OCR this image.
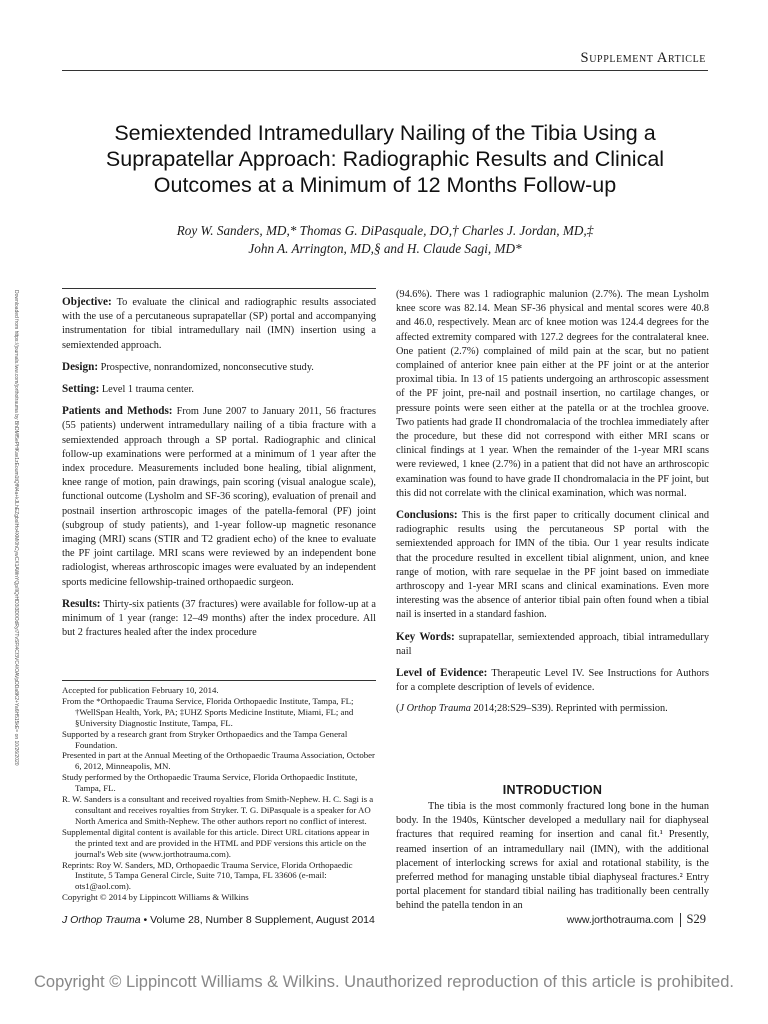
Supplement Article
Semiextended Intramedullary Nailing of the Tibia Using a Suprapatellar Approach: Radiographic Results and Clinical Outcomes at a Minimum of 12 Months Follow-up
Roy W. Sanders, MD,* Thomas G. DiPasquale, DO,† Charles J. Jordan, MD,‡
John A. Arrington, MD,§ and H. Claude Sagi, MD*
Downloaded from https://journals.lww.com/jorthotrauma by BhDMf5ePHKav1zEoum1tQfN4a+kJLhEZgbsIHo4XMi0hCywCX1AWnYQp/IlQrHD3i3D0OdRyi7TvSFl4Cf3VC4/OAVpDDa8K2+Ya6H515kE= on 10/26/2020	Objective: To evaluate the clinical and radiographic results associated with the use of a percutaneous suprapatellar (SP) portal and accompanying instrumentation for tibial intramedullary nail (IMN) insertion using a semiextended approach.

Design: Prospective, nonrandomized, nonconsecutive study.

Setting: Level 1 trauma center.

Patients and Methods: From June 2007 to January 2011, 56 fractures (55 patients) underwent intramedullary nailing of a tibia fracture with a semiextended approach through a SP portal. Radiographic and clinical follow-up examinations were performed at a minimum of 1 year after the index procedure. Measurements included bone healing, tibial alignment, knee range of motion, pain drawings, pain scoring (visual analogue scale), functional outcome (Lysholm and SF-36 scoring), evaluation of prenail and postnail insertion arthroscopic images of the patella-femoral (PF) joint (subgroup of study patients), and 1-year follow-up magnetic resonance imaging (MRI) scans (STIR and T2 gradient echo) of the knee to evaluate the PF joint cartilage. MRI scans were reviewed by an independent bone radiologist, whereas arthroscopic images were evaluated by an independent sports medicine fellowship-trained orthopaedic surgeon.

Results: Thirty-six patients (37 fractures) were available for follow-up at a minimum of 1 year (range: 12–49 months) after the index procedure. All but 2 fractures healed after the index procedure

Accepted for publication February 10, 2014.
From the *Orthopaedic Trauma Service, Florida Orthopaedic Institute, Tampa, FL; †WellSpan Health, York, PA; ‡UHZ Sports Medicine Institute, Miami, FL; and §University Diagnostic Institute, Tampa, FL.
Supported by a research grant from Stryker Orthopaedics and the Tampa General Foundation.
Presented in part at the Annual Meeting of the Orthopaedic Trauma Association, October 6, 2012, Minneapolis, MN.
Study performed by the Orthopaedic Trauma Service, Florida Orthopaedic Institute, Tampa, FL.
R. W. Sanders is a consultant and received royalties from Smith-Nephew. H. C. Sagi is a consultant and receives royalties from Stryker. T. G. DiPasquale is a speaker for AO North America and Smith-Nephew. The other authors report no conflict of interest.
Supplemental digital content is available for this article. Direct URL citations appear in the printed text and are provided in the HTML and PDF versions this article on the journal's Web site (www.jorthotrauma.com).
Reprints: Roy W. Sanders, MD, Orthopaedic Trauma Service, Florida Orthopaedic Institute, 5 Tampa General Circle, Suite 710, Tampa, FL 33606 (e-mail: ots1@aol.com).
Copyright © 2014 by Lippincott Williams & Wilkins

(94.6%). There was 1 radiographic malunion (2.7%). The mean Lysholm knee score was 82.14. Mean SF-36 physical and mental scores were 40.8 and 46.0, respectively. Mean arc of knee motion was 124.4 degrees for the affected extremity compared with 127.2 degrees for the contralateral knee. One patient (2.7%) complained of mild pain at the scar, but no patient complained of anterior knee pain either at the PF joint or at the anterior proximal tibia. In 13 of 15 patients undergoing an arthroscopic assessment of the PF joint, pre-nail and postnail insertion, no cartilage changes, or pressure points were seen either at the patella or at the trochlea groove. Two patients had grade II chondromalacia of the trochlea immediately after the procedure, but these did not correspond with either MRI scans or clinical findings at 1 year. When the remainder of the 1-year MRI scans were reviewed, 1 knee (2.7%) in a patient that did not have an arthroscopic examination was found to have grade II chondromalacia in the PF joint, but this did not correlate with the clinical examination, which was normal.

Conclusions: This is the first paper to critically document clinical and radiographic results using the percutaneous SP portal with the semiextended approach for IMN of the tibia. Our 1 year results indicate that the procedure resulted in excellent tibial alignment, union, and knee range of motion, with rare sequelae in the PF joint based on immediate arthroscopy and 1-year MRI scans and clinical examinations. Even more interesting was the absence of anterior tibial pain often found when a tibial nail is inserted in a standard fashion.

Key Words: suprapatellar, semiextended approach, tibial intramedullary nail

Level of Evidence: Therapeutic Level IV. See Instructions for Authors for a complete description of levels of evidence.

(J Orthop Trauma 2014;28:S29–S39). Reprinted with permission.

INTRODUCTION

The tibia is the most commonly fractured long bone in the human body. In the 1940s, Küntscher developed a medullary nail for diaphyseal fractures that required reaming for insertion and canal fit.¹ Presently, reamed insertion of an intramedullary nail (IMN), with the additional placement of interlocking screws for axial and rotational stability, is the preferred method for managing unstable tibial diaphyseal fractures.² Entry portal placement for standard tibial nailing has traditionally been centrally behind the patella tendon in an

J Orthop Trauma • Volume 28, Number 8 Supplement, August 2014	www.jorthotrauma.com S29
Copyright © Lippincott Williams & Wilkins. Unauthorized reproduction of this article is prohibited.
